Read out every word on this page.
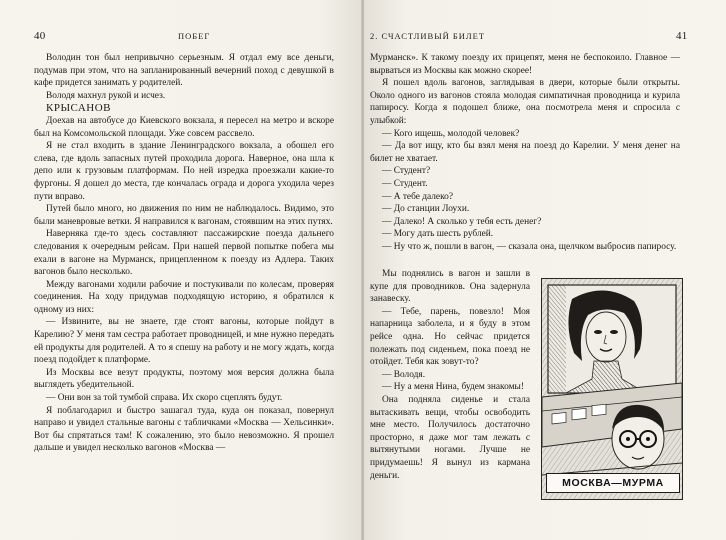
40	ПОБЕГ

Володин тон был непривычно серьезным. Я отдал ему все деньги, подумав при этом, что на запланированный вечерний поход с девушкой в кафе придется занимать у родителей.

Володя махнул рукой и исчез.

КРЫСАНОВ

Доехав на автобусе до Киевского вокзала, я пересел на метро и вскоре был на Комсомольской площади. Уже совсем рассвело.

Я не стал входить в здание Ленинградского вокзала, а обошел его слева, где вдоль запасных путей проходила дорога. Наверное, она шла к депо или к грузовым платформам. По ней изредка проезжали какие-то фургоны. Я дошел до места, где кончалась ограда и дорога уходила через пути вправо.

Путей было много, но движения по ним не наблюдалось. Видимо, это были маневровые ветки. Я направился к вагонам, стоявшим на этих путях.

Наверняка где-то здесь составляют пассажирские поезда дальнего следования к очередным рейсам. При нашей первой попытке побега мы ехали в вагоне на Мурманск, прицепленном к поезду из Адлера. Таких вагонов было несколько.

Между вагонами ходили рабочие и постукивали по колесам, проверяя соединения. На ходу придумав подходящую историю, я обратился к одному из них:

— Извините, вы не знаете, где стоят вагоны, которые пойдут в Карелию? У меня там сестра работает проводницей, и мне нужно передать ей продукты для родителей. А то я спешу на работу и не могу ждать, когда поезд подойдет к платформе.

Из Москвы все везут продукты, поэтому моя версия должна была выглядеть убедительной.

— Они вон за той тумбой справа. Их скоро сцеплять будут.

Я поблагодарил и быстро зашагал туда, куда он показал, повернул направо и увидел стальные вагоны с табличками «Москва — Хельсинки». Вот бы спрятаться там! К сожалению, это было невозможно. Я прошел дальше и увидел несколько вагонов «Москва —

2. СЧАСТЛИВЫЙ БИЛЕТ	41

Мурманск». К такому поезду их прицепят, меня не беспокоило. Главное — вырваться из Москвы как можно скорее!

Я пошел вдоль вагонов, заглядывая в двери, которые были открыты. Около одного из вагонов стояла молодая симпатичная проводница и курила папиросу. Когда я подошел ближе, она посмотрела меня и спросила с улыбкой:

— Кого ищешь, молодой человек?

— Да вот ищу, кто бы взял меня на поезд до Карелии. У меня денег на билет не хватает.

— Студент?

— Студент.

— А тебе далеко?

— До станции Лоухи.

— Далеко! А сколько у тебя есть денег?

— Могу дать шесть рублей.

— Ну что ж, пошли в вагон, — сказала она, щелчком выбросив папиросу.

Мы поднялись в вагон и зашли в купе для проводников. Она задернула занавеску.

— Тебе, парень, повезло! Моя напарница заболела, и я буду в этом рейсе одна. Но сейчас придется полежать под сиденьем, пока поезд не отойдет. Тебя как зовут-то?

— Володя.

— Ну а меня Нина, будем знакомы!

Она подняла сиденье и стала вытаскивать вещи, чтобы освободить мне место. Получилось достаточно просторно, я даже мог там лежать с вытянутыми ногами. Лучше не придумаешь! Я вынул из кармана деньги.

МОСКВА—МУРМА
